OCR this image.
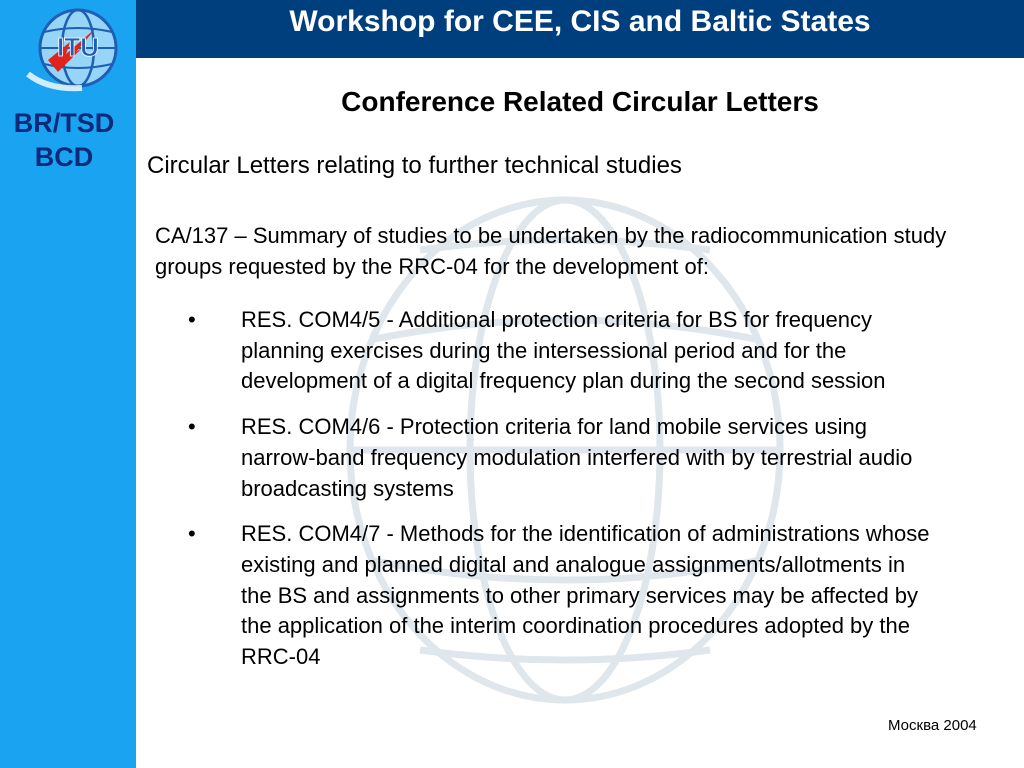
ITU
BR/TSD
BCD
Workshop for CEE, CIS and Baltic States
Conference Related Circular Letters
Circular Letters relating to further technical studies

CA/137 – Summary of studies to be undertaken by the radiocommunication study groups requested by the RRC-04 for the development of:

• RES. COM4/5 - Additional protection criteria for BS for frequency planning exercises during the intersessional period and for the development of a digital frequency plan during the second session
• RES. COM4/6 - Protection criteria for land mobile services using narrow-band frequency modulation interfered with by terrestrial audio broadcasting systems
• RES. COM4/7 - Methods for the identification of administrations whose existing and planned digital and analogue assignments/allotments in the BS and assignments to other primary services may be affected by the application of the interim coordination procedures adopted by the RRC-04
Москва 2004
